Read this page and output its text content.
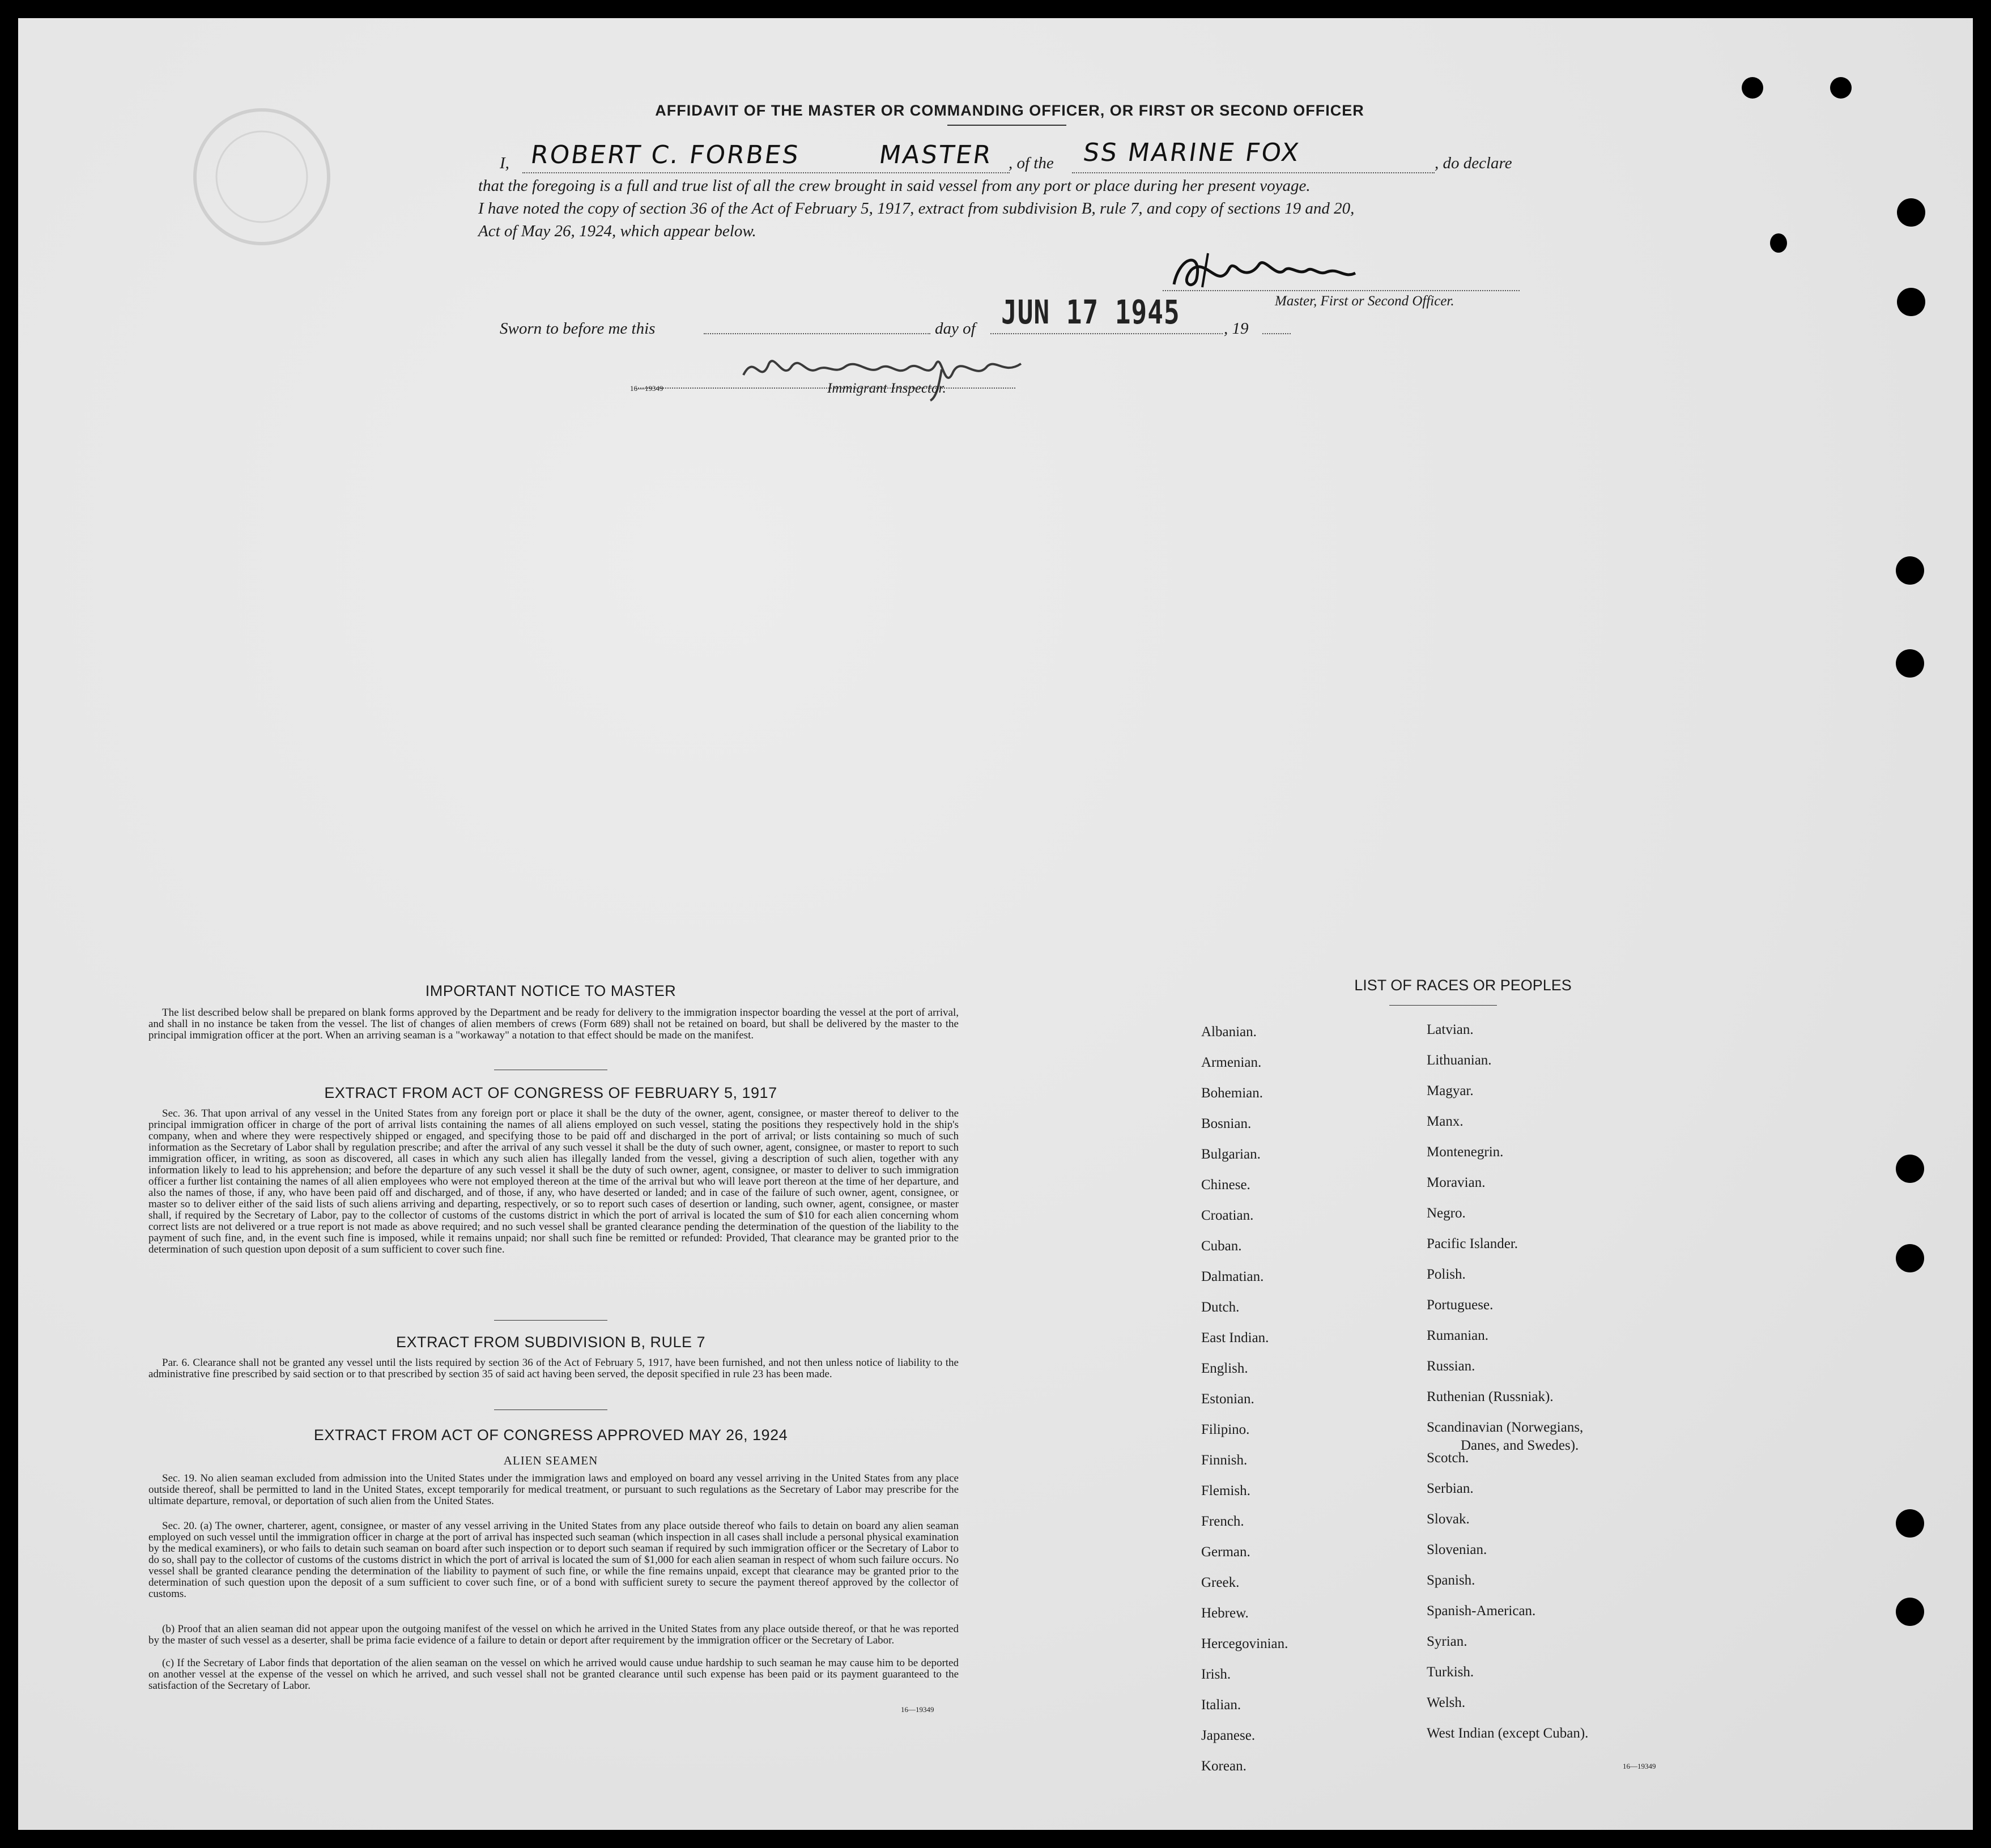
AFFIDAVIT OF THE MASTER OR COMMANDING OFFICER, OR FIRST OR SECOND OFFICER
I, ROBERT C. FORBES	MASTER , of the SS MARINE FOX	, do declare
that the foregoing is a full and true list of all the crew brought in said vessel from any port or place during her present voyage.
I have noted the copy of section 36 of the Act of February 5, 1917, extract from subdivision B, rule 7, and copy of sections 19 and 20,
Act of May 26, 1924, which appear below.
Master, First or Second Officer.
Sworn to before me this	day of JUN 17 1945	, 19
16—19349	Immigrant Inspector.
IMPORTANT NOTICE TO MASTER
The list described below shall be prepared on blank forms approved by the Department and be ready for delivery to the immigration inspector boarding the vessel at the port of arrival, and shall in no instance be taken from the vessel. The list of changes of alien members of crews (Form 689) shall not be retained on board, but shall be delivered by the master to the principal immigration officer at the port. When an arriving seaman is a "workaway" a notation to that effect should be made on the manifest.
EXTRACT FROM ACT OF CONGRESS OF FEBRUARY 5, 1917
Sec. 36. That upon arrival of any vessel in the United States from any foreign port or place it shall be the duty of the owner, agent, consignee, or master thereof to deliver to the principal immigration officer in charge of the port of arrival lists containing the names of all aliens employed on such vessel, stating the positions they respectively hold in the ship's company, when and where they were respectively shipped or engaged, and specifying those to be paid off and discharged in the port of arrival; or lists containing so much of such information as the Secretary of Labor shall by regulation prescribe; and after the arrival of any such vessel it shall be the duty of such owner, agent, consignee, or master to report to such immigration officer, in writing, as soon as discovered, all cases in which any such alien has illegally landed from the vessel, giving a description of such alien, together with any information likely to lead to his apprehension; and before the departure of any such vessel it shall be the duty of such owner, agent, consignee, or master to deliver to such immigration officer a further list containing the names of all alien employees who were not employed thereon at the time of the arrival but who will leave port thereon at the time of her departure, and also the names of those, if any, who have been paid off and discharged, and of those, if any, who have deserted or landed; and in case of the failure of such owner, agent, consignee, or master so to deliver either of the said lists of such aliens arriving and departing, respectively, or so to report such cases of desertion or landing, such owner, agent, consignee, or master shall, if required by the Secretary of Labor, pay to the collector of customs of the customs district in which the port of arrival is located the sum of $10 for each alien concerning whom correct lists are not delivered or a true report is not made as above required; and no such vessel shall be granted clearance pending the determination of the question of the liability to the payment of such fine, and, in the event such fine is imposed, while it remains unpaid; nor shall such fine be remitted or refunded: Provided, That clearance may be granted prior to the determination of such question upon deposit of a sum sufficient to cover such fine.
EXTRACT FROM SUBDIVISION B, RULE 7
Par. 6. Clearance shall not be granted any vessel until the lists required by section 36 of the Act of February 5, 1917, have been furnished, and not then unless notice of liability to the administrative fine prescribed by said section or to that prescribed by section 35 of said act having been served, the deposit specified in rule 23 has been made.
EXTRACT FROM ACT OF CONGRESS APPROVED MAY 26, 1924
ALIEN SEAMEN
Sec. 19. No alien seaman excluded from admission into the United States under the immigration laws and employed on board any vessel arriving in the United States from any place outside thereof, shall be permitted to land in the United States, except temporarily for medical treatment, or pursuant to such regulations as the Secretary of Labor may prescribe for the ultimate departure, removal, or deportation of such alien from the United States.
Sec. 20. (a) The owner, charterer, agent, consignee, or master of any vessel arriving in the United States from any place outside thereof who fails to detain on board any alien seaman employed on such vessel until the immigration officer in charge at the port of arrival has inspected such seaman (which inspection in all cases shall include a personal physical examination by the medical examiners), or who fails to detain such seaman on board after such inspection or to deport such seaman if required by such immigration officer or the Secretary of Labor to do so, shall pay to the collector of customs of the customs district in which the port of arrival is located the sum of $1,000 for each alien seaman in respect of whom such failure occurs. No vessel shall be granted clearance pending the determination of the liability to payment of such fine, or while the fine remains unpaid, except that clearance may be granted prior to the determination of such question upon the deposit of a sum sufficient to cover such fine, or of a bond with sufficient surety to secure the payment thereof approved by the collector of customs.
(b) Proof that an alien seaman did not appear upon the outgoing manifest of the vessel on which he arrived in the United States from any place outside thereof, or that he was reported by the master of such vessel as a deserter, shall be prima facie evidence of a failure to detain or deport after requirement by the immigration officer or the Secretary of Labor.
(c) If the Secretary of Labor finds that deportation of the alien seaman on the vessel on which he arrived would cause undue hardship to such seaman he may cause him to be deported on another vessel at the expense of the vessel on which he arrived, and such vessel shall not be granted clearance until such expense has been paid or its payment guaranteed to the satisfaction of the Secretary of Labor.
16—19349
LIST OF RACES OR PEOPLES
Albanian.
Armenian.
Bohemian.
Bosnian.
Bulgarian.
Chinese.
Croatian.
Cuban.
Dalmatian.
Dutch.
East Indian.
English.
Estonian.
Filipino.
Finnish.
Flemish.
French.
German.
Greek.
Hebrew.
Hercegovinian.
Irish.
Italian.
Japanese.
Korean.
Latvian.
Lithuanian.
Magyar.
Manx.
Montenegrin.
Moravian.
Negro.
Pacific Islander.
Polish.
Portuguese.
Rumanian.
Russian.
Ruthenian (Russniak).
Scandinavian (Norwegians,
Danes, and Swedes).
Scotch.
Serbian.
Slovak.
Slovenian.
Spanish.
Spanish-American.
Syrian.
Turkish.
Welsh.
West Indian (except Cuban).
16—19349
